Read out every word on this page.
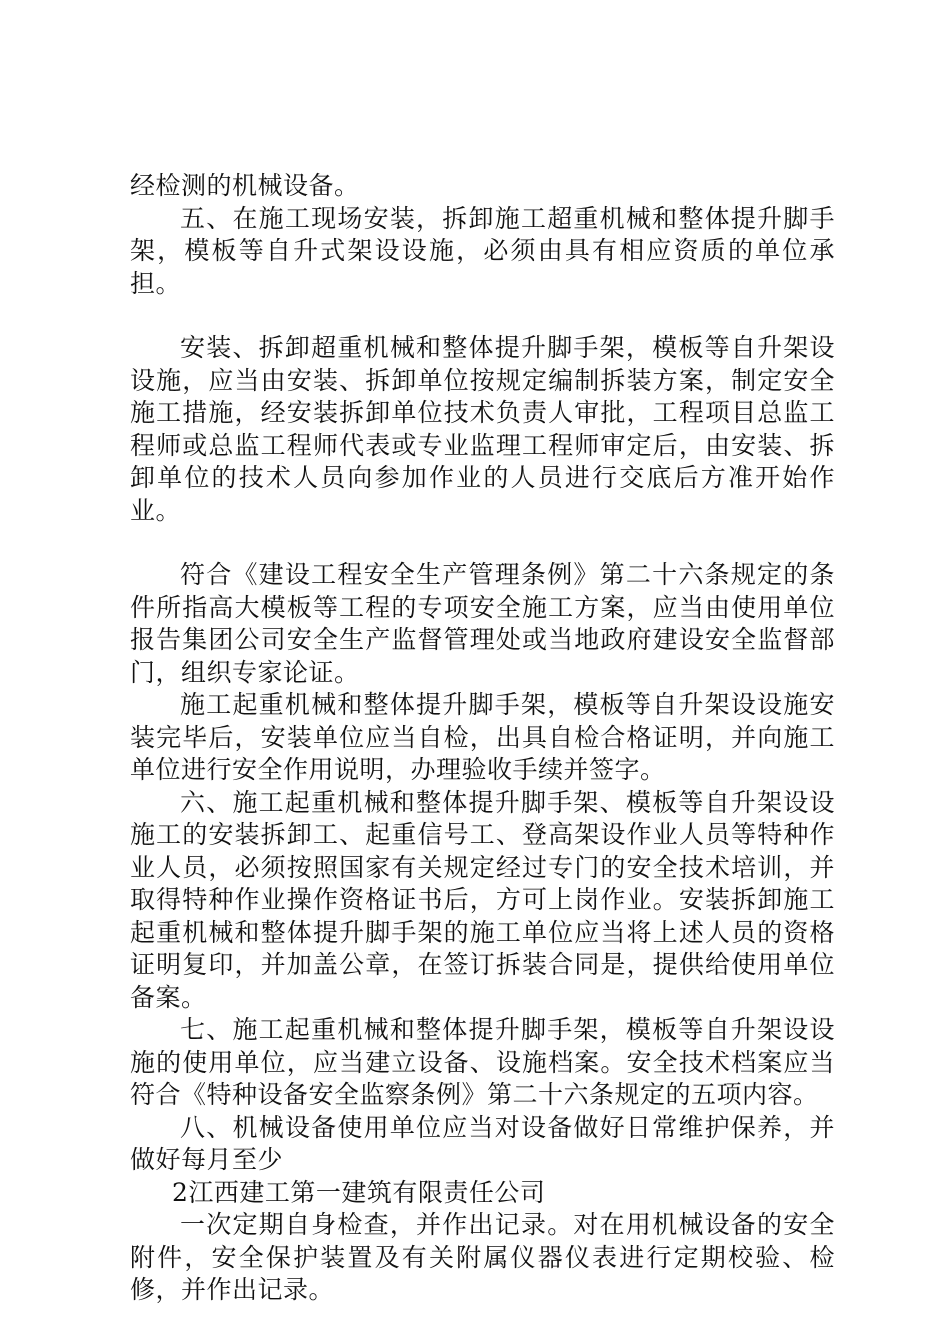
经检测的机械设备。

五、在施工现场安装，拆卸施工超重机械和整体提升脚手架，模板等自升式架设设施，必须由具有相应资质的单位承担。

安装、拆卸超重机械和整体提升脚手架，模板等自升架设设施，应当由安装、拆卸单位按规定编制拆装方案，制定安全施工措施，经安装拆卸单位技术负责人审批，工程项目总监工程师或总监工程师代表或专业监理工程师审定后，由安装、拆卸单位的技术人员向参加作业的人员进行交底后方准开始作业。

符合《建设工程安全生产管理条例》第二十六条规定的条件所指高大模板等工程的专项安全施工方案，应当由使用单位报告集团公司安全生产监督管理处或当地政府建设安全监督部门，组织专家论证。

施工起重机械和整体提升脚手架，模板等自升架设设施安装完毕后，安装单位应当自检，出具自检合格证明，并向施工单位进行安全作用说明，办理验收手续并签字。

六、施工起重机械和整体提升脚手架、模板等自升架设设施工的安装拆卸工、起重信号工、登高架设作业人员等特种作业人员，必须按照国家有关规定经过专门的安全技术培训，并取得特种作业操作资格证书后，方可上岗作业。安装拆卸施工起重机械和整体提升脚手架的施工单位应当将上述人员的资格证明复印，并加盖公章，在签订拆装合同是，提供给使用单位备案。

七、施工起重机械和整体提升脚手架，模板等自升架设设施的使用单位，应当建立设备、设施档案。安全技术档案应当符合《特种设备安全监察条例》第二十六条规定的五项内容。

八、机械设备使用单位应当对设备做好日常维护保养，并做好每月至少

2江西建工第一建筑有限责任公司

一次定期自身检查，并作出记录。对在用机械设备的安全附件，安全保护装置及有关附属仪器仪表进行定期校验、检修，并作出记录。
